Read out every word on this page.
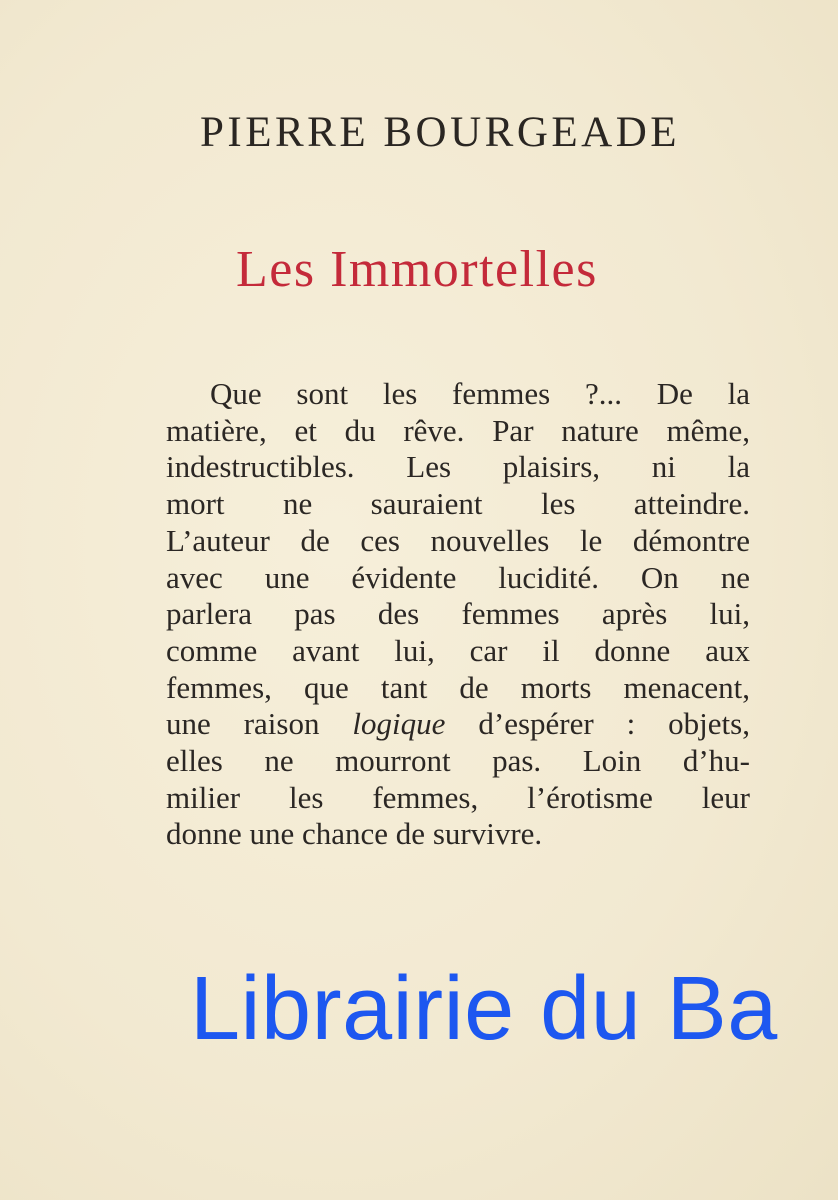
PIERRE BOURGEADE
Les Immortelles
Que sont les femmes ?... De la
matière, et du rêve. Par nature même,
indestructibles. Les plaisirs, ni la
mort ne sauraient les atteindre.
L’auteur de ces nouvelles le démontre
avec une évidente lucidité. On ne
parlera pas des femmes après lui,
comme avant lui, car il donne aux
femmes, que tant de morts menacent,
une raison logique d’espérer : objets,
elles ne mourront pas. Loin d’hu-
milier les femmes, l’érotisme leur
donne une chance de survivre.
Librairie du Ba
